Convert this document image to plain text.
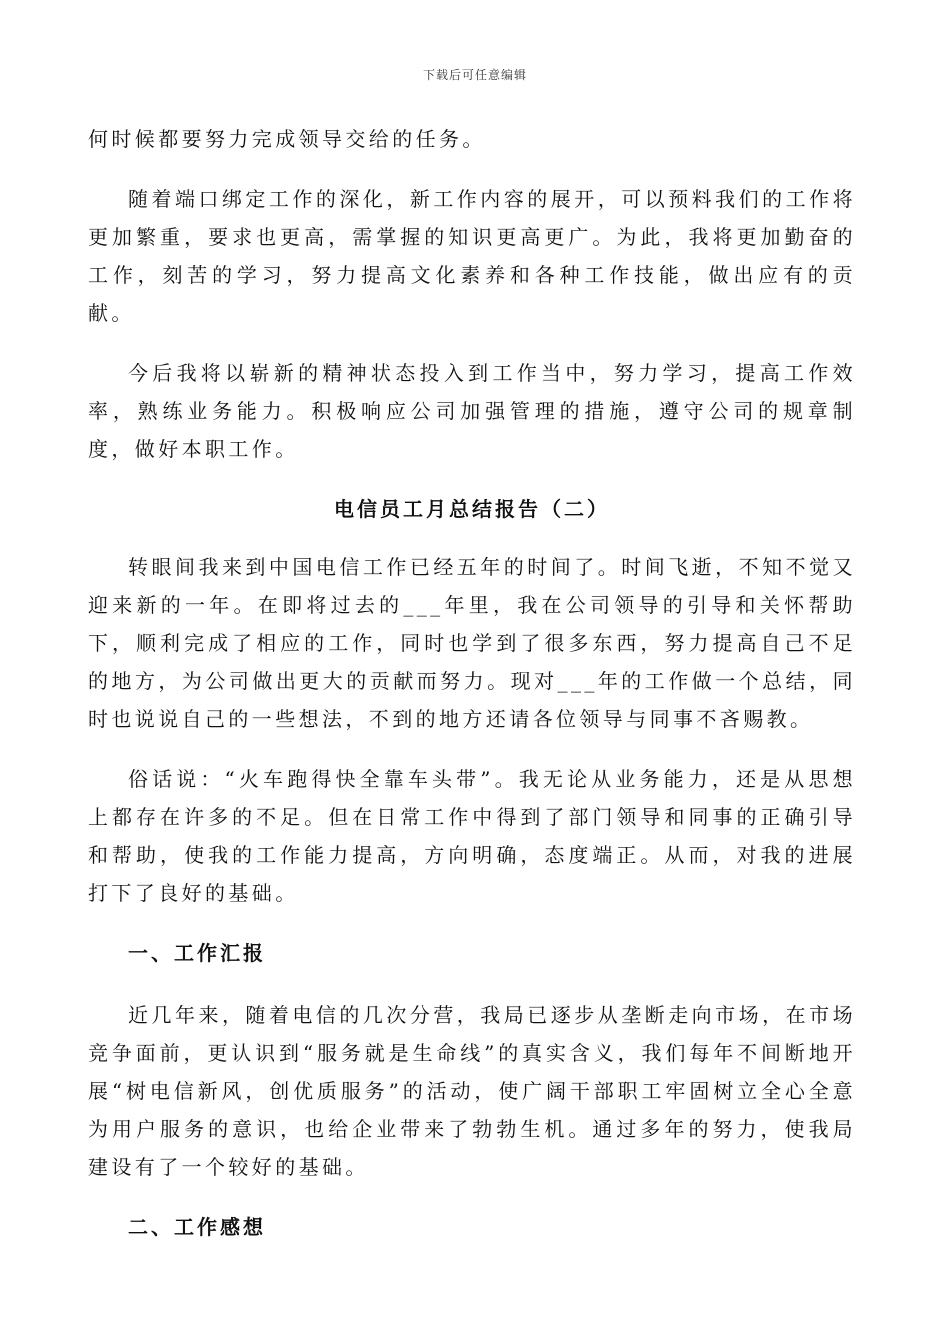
下载后可任意编辑

何时候都要努力完成领导交给的任务。

随着端口绑定工作的深化，新工作内容的展开，可以预料我们的工作将更加繁重，要求也更高，需掌握的知识更高更广。为此，我将更加勤奋的工作，刻苦的学习，努力提高文化素养和各种工作技能，做出应有的贡献。

今后我将以崭新的精神状态投入到工作当中，努力学习，提高工作效率，熟练业务能力。积极响应公司加强管理的措施，遵守公司的规章制度，做好本职工作。

电信员工月总结报告（二）

转眼间我来到中国电信工作已经五年的时间了。时间飞逝，不知不觉又迎来新的一年。在即将过去的___年里，我在公司领导的引导和关怀帮助下，顺利完成了相应的工作，同时也学到了很多东西，努力提高自己不足的地方，为公司做出更大的贡献而努力。现对___年的工作做一个总结，同时也说说自己的一些想法，不到的地方还请各位领导与同事不吝赐教。

俗话说：“火车跑得快全靠车头带”。我无论从业务能力，还是从思想上都存在许多的不足。但在日常工作中得到了部门领导和同事的正确引导和帮助，使我的工作能力提高，方向明确，态度端正。从而，对我的进展打下了良好的基础。

一、工作汇报

近几年来，随着电信的几次分营，我局已逐步从垄断走向市场，在市场竞争面前，更认识到“服务就是生命线”的真实含义，我们每年不间断地开展“树电信新风，创优质服务”的活动，使广阔干部职工牢固树立全心全意为用户服务的意识，也给企业带来了勃勃生机。通过多年的努力，使我局建设有了一个较好的基础。

二、工作感想
